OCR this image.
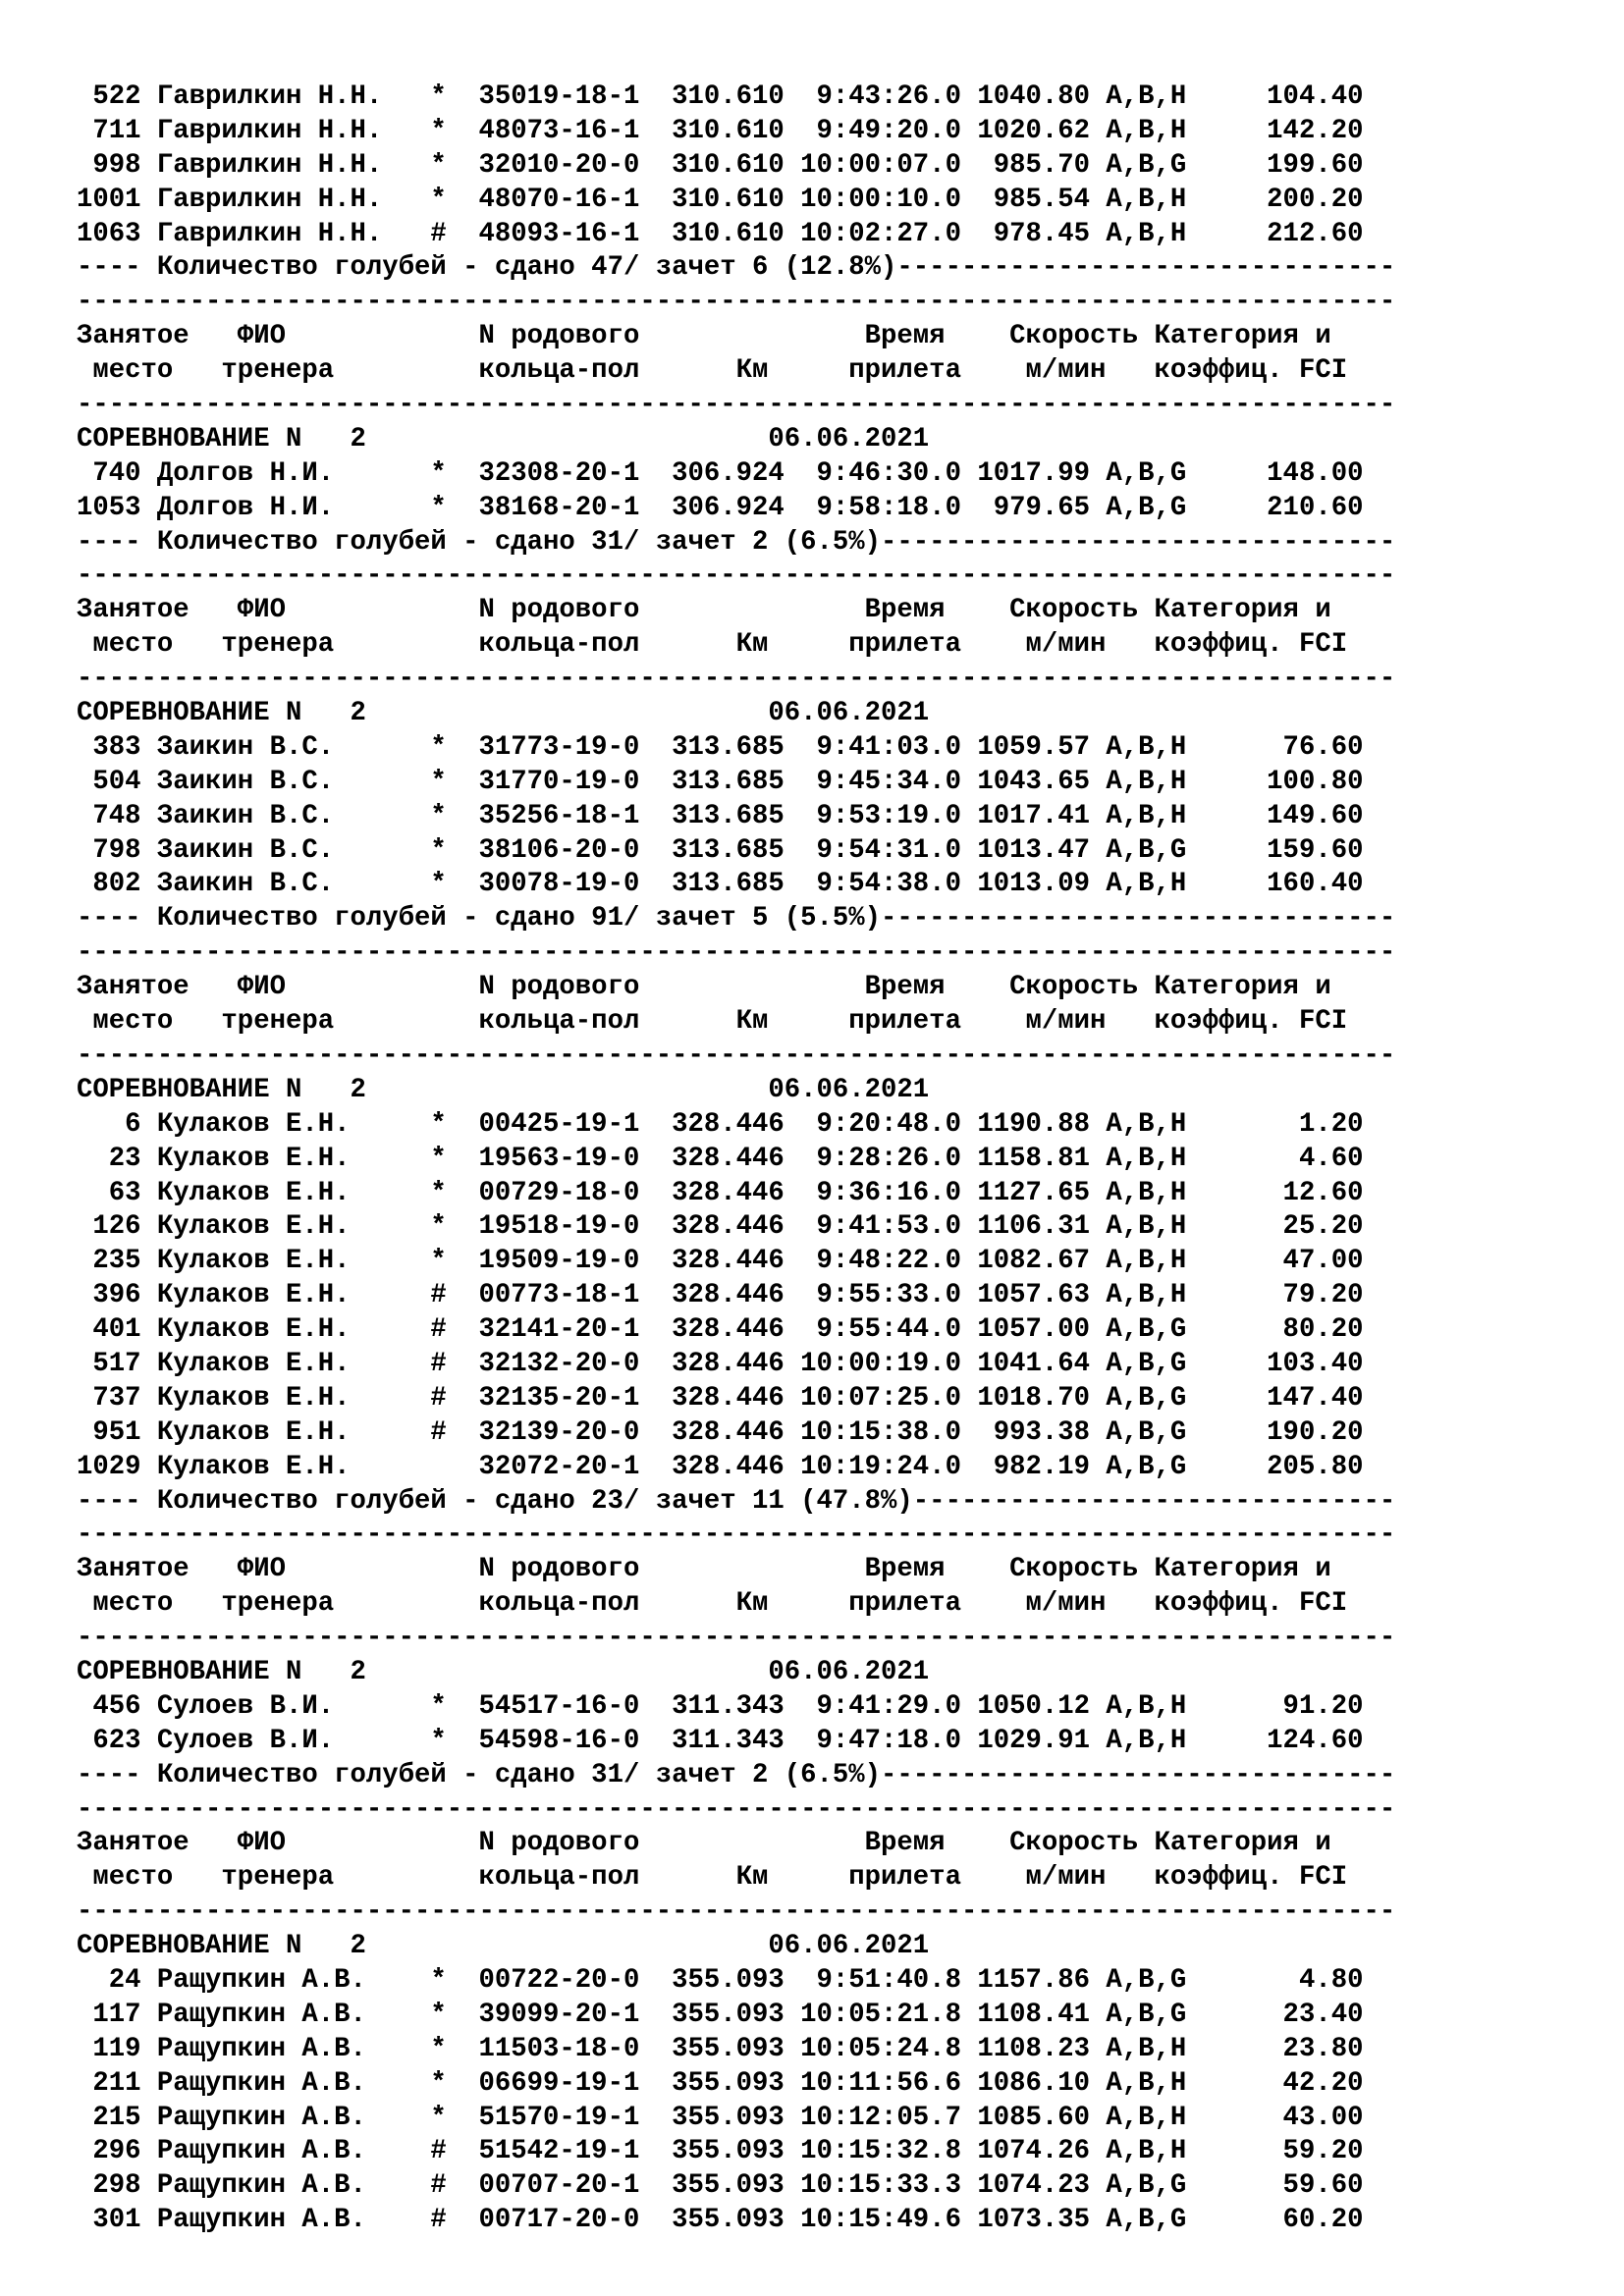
522 Гаврилкин Н.Н.   *  35019-18-1  310.610  9:43:26.0 1040.80 A,B,H     104.40
711 Гаврилкин Н.Н.   *  48073-16-1  310.610  9:49:20.0 1020.62 A,B,H     142.20
998 Гаврилкин Н.Н.   *  32010-20-0  310.610 10:00:07.0  985.70 A,B,G     199.60
1001 Гаврилкин Н.Н.   *  48070-16-1  310.610 10:00:10.0  985.54 A,B,H     200.20
1063 Гаврилкин Н.Н.   #  48093-16-1  310.610 10:02:27.0  978.45 A,B,H     212.60
---- Количество голубей - сдано 47/ зачет 6 (12.8%)-------------------------------
----------------------------------------------------------------------------------
Занятое   ФИО            N родового              Время    Скорость Категория и
место   тренера         кольца-пол      Км     прилета    м/мин   коэффиц. FCI
----------------------------------------------------------------------------------
СОРЕВНОВАНИЕ N   2                         06.06.2021
740 Долгов Н.И.      *  32308-20-1  306.924  9:46:30.0 1017.99 A,B,G     148.00
1053 Долгов Н.И.      *  38168-20-1  306.924  9:58:18.0  979.65 A,B,G     210.60
---- Количество голубей - сдано 31/ зачет 2 (6.5%)--------------------------------
----------------------------------------------------------------------------------
Занятое   ФИО            N родового              Время    Скорость Категория и
место   тренера         кольца-пол      Км     прилета    м/мин   коэффиц. FCI
----------------------------------------------------------------------------------
СОРЕВНОВАНИЕ N   2                         06.06.2021
383 Заикин В.С.      *  31773-19-0  313.685  9:41:03.0 1059.57 A,B,H      76.60
504 Заикин В.С.      *  31770-19-0  313.685  9:45:34.0 1043.65 A,B,H     100.80
748 Заикин В.С.      *  35256-18-1  313.685  9:53:19.0 1017.41 A,B,H     149.60
798 Заикин В.С.      *  38106-20-0  313.685  9:54:31.0 1013.47 A,B,G     159.60
802 Заикин В.С.      *  30078-19-0  313.685  9:54:38.0 1013.09 A,B,H     160.40
---- Количество голубей - сдано 91/ зачет 5 (5.5%)--------------------------------
----------------------------------------------------------------------------------
Занятое   ФИО            N родового              Время    Скорость Категория и
место   тренера         кольца-пол      Км     прилета    м/мин   коэффиц. FCI
----------------------------------------------------------------------------------
СОРЕВНОВАНИЕ N   2                         06.06.2021
6 Кулаков Е.Н.     *  00425-19-1  328.446  9:20:48.0 1190.88 A,B,H       1.20
23 Кулаков Е.Н.     *  19563-19-0  328.446  9:28:26.0 1158.81 A,B,H       4.60
63 Кулаков Е.Н.     *  00729-18-0  328.446  9:36:16.0 1127.65 A,B,H      12.60
126 Кулаков Е.Н.     *  19518-19-0  328.446  9:41:53.0 1106.31 A,B,H      25.20
235 Кулаков Е.Н.     *  19509-19-0  328.446  9:48:22.0 1082.67 A,B,H      47.00
396 Кулаков Е.Н.     #  00773-18-1  328.446  9:55:33.0 1057.63 A,B,H      79.20
401 Кулаков Е.Н.     #  32141-20-1  328.446  9:55:44.0 1057.00 A,B,G      80.20
517 Кулаков Е.Н.     #  32132-20-0  328.446 10:00:19.0 1041.64 A,B,G     103.40
737 Кулаков Е.Н.     #  32135-20-1  328.446 10:07:25.0 1018.70 A,B,G     147.40
951 Кулаков Е.Н.     #  32139-20-0  328.446 10:15:38.0  993.38 A,B,G     190.20
1029 Кулаков Е.Н.        32072-20-1  328.446 10:19:24.0  982.19 A,B,G     205.80
---- Количество голубей - сдано 23/ зачет 11 (47.8%)------------------------------
----------------------------------------------------------------------------------
Занятое   ФИО            N родового              Время    Скорость Категория и
место   тренера         кольца-пол      Км     прилета    м/мин   коэффиц. FCI
----------------------------------------------------------------------------------
СОРЕВНОВАНИЕ N   2                         06.06.2021
456 Сулоев В.И.      *  54517-16-0  311.343  9:41:29.0 1050.12 A,B,H      91.20
623 Сулоев В.И.      *  54598-16-0  311.343  9:47:18.0 1029.91 A,B,H     124.60
---- Количество голубей - сдано 31/ зачет 2 (6.5%)--------------------------------
----------------------------------------------------------------------------------
Занятое   ФИО            N родового              Время    Скорость Категория и
место   тренера         кольца-пол      Км     прилета    м/мин   коэффиц. FCI
----------------------------------------------------------------------------------
СОРЕВНОВАНИЕ N   2                         06.06.2021
24 Ращупкин А.В.    *  00722-20-0  355.093  9:51:40.8 1157.86 A,B,G       4.80
117 Ращупкин А.В.    *  39099-20-1  355.093 10:05:21.8 1108.41 A,B,G      23.40
119 Ращупкин А.В.    *  11503-18-0  355.093 10:05:24.8 1108.23 A,B,H      23.80
211 Ращупкин А.В.    *  06699-19-1  355.093 10:11:56.6 1086.10 A,B,H      42.20
215 Ращупкин А.В.    *  51570-19-1  355.093 10:12:05.7 1085.60 A,B,H      43.00
296 Ращупкин А.В.    #  51542-19-1  355.093 10:15:32.8 1074.26 A,B,H      59.20
298 Ращупкин А.В.    #  00707-20-1  355.093 10:15:33.3 1074.23 A,B,G      59.60
301 Ращупкин А.В.    #  00717-20-0  355.093 10:15:49.6 1073.35 A,B,G      60.20
